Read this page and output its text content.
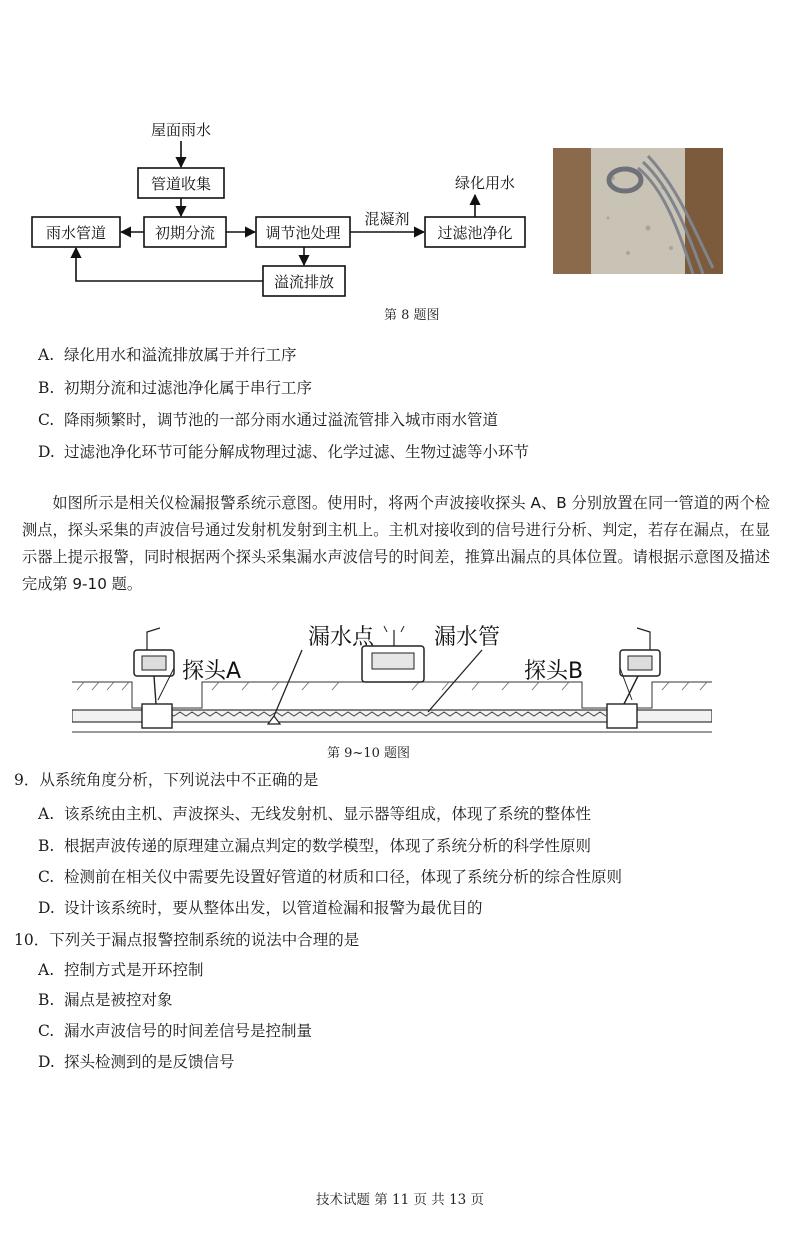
屋面雨水
管道收集
雨水管道	初期分流	调节池处理
混凝剂
过滤池净化
绿化用水
溢流排放
第 8 题图
A. 绿化用水和溢流排放属于并行工序
B. 初期分流和过滤池净化属于串行工序
C. 降雨频繁时，调节池的一部分雨水通过溢流管排入城市雨水管道
D. 过滤池净化环节可能分解成物理过滤、化学过滤、生物过滤等小环节

如图所示是相关仪检漏报警系统示意图。使用时，将两个声波接收探头 A、B 分别放置在同一管道的两个检测点，探头采集的声波信号通过发射机发射到主机上。主机对接收到的信号进行分析、判定，若存在漏点，在显示器上提示报警，同时根据两个探头采集漏水声波信号的时间差，推算出漏点的具体位置。请根据示意图及描述完成第 9-10 题。

漏水点	漏水管
探头A	探头B
第 9~10 题图
9．从系统角度分析，下列说法中不正确的是
A. 该系统由主机、声波探头、无线发射机、显示器等组成，体现了系统的整体性
B. 根据声波传递的原理建立漏点判定的数学模型，体现了系统分析的科学性原则
C. 检测前在相关仪中需要先设置好管道的材质和口径，体现了系统分析的综合性原则
D. 设计该系统时，要从整体出发，以管道检漏和报警为最优目的
10．下列关于漏点报警控制系统的说法中合理的是
A. 控制方式是开环控制
B. 漏点是被控对象
C. 漏水声波信号的时间差信号是控制量
D. 探头检测到的是反馈信号
技术试题 第 11 页 共 13 页
